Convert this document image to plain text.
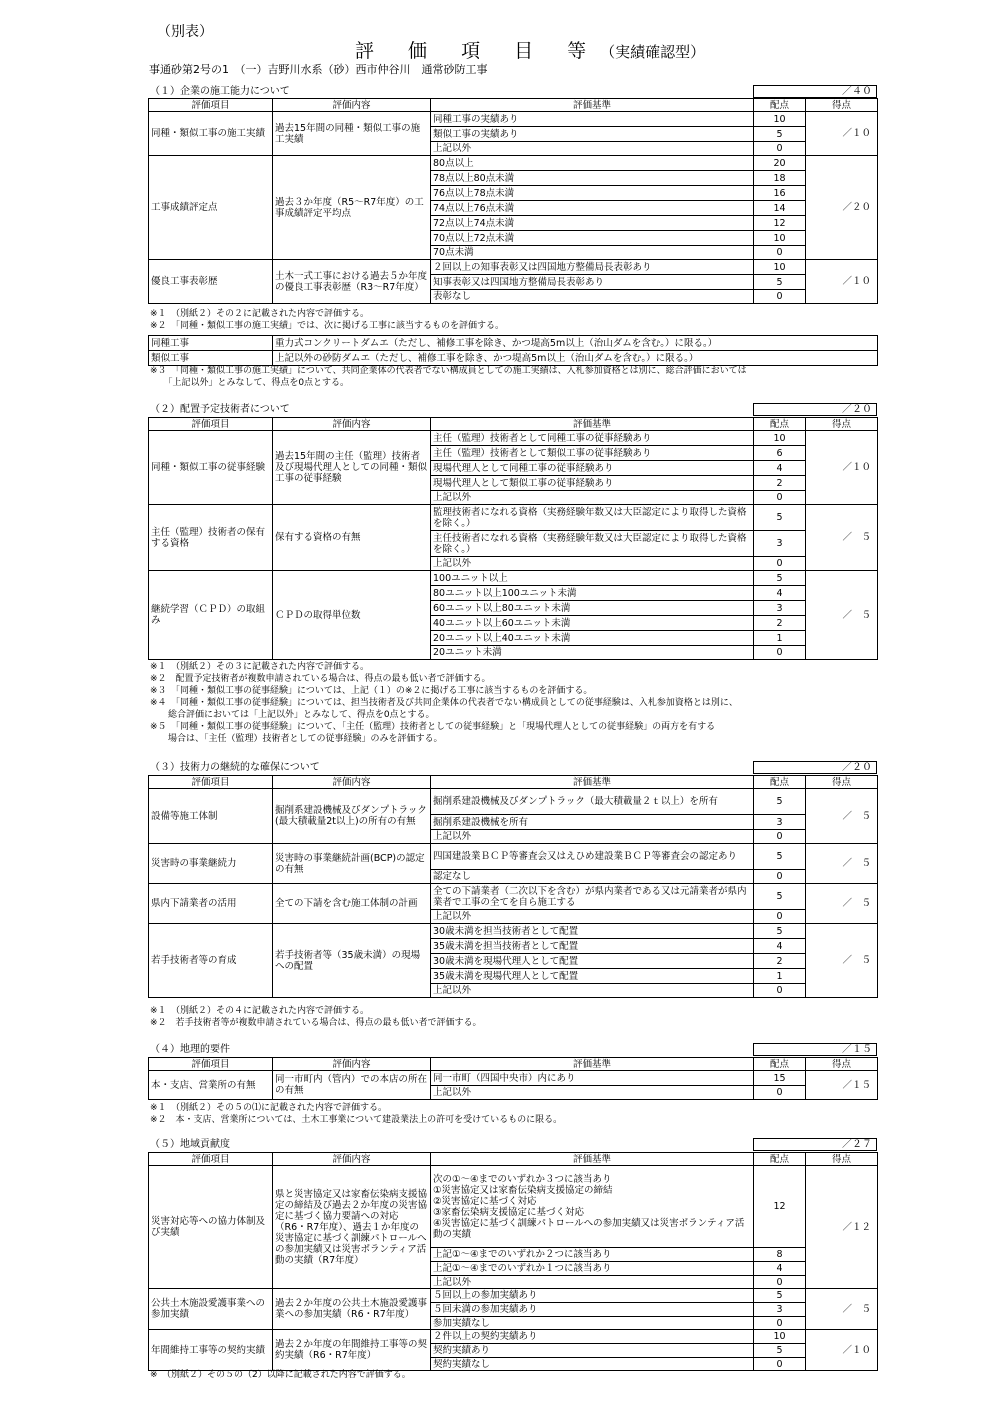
（別表）
評 価 項 目 等（実績確認型）
事通砂第2号の1　（一）吉野川水系（砂）西市仲谷川　通常砂防工事
（１）企業の施工能力について	／４０
評価項目	評価内容	評価基準	配点	得点
同種・類似工事の施工実績	過去15年間の同種・類似工事の施工実績	同種工事の実績あり	10	／１０
		類似工事の実績あり	5	
		上記以外	0	
工事成績評定点	過去３か年度（R5～R7年度）の工事成績評定平均点	80点以上	20	／２０
		78点以上80点未満	18	
		76点以上78点未満	16	
		74点以上76点未満	14	
		72点以上74点未満	12	
		70点以上72点未満	10	
		70点未満	0	
優良工事表彰歴	土木一式工事における過去５か年度の優良工事表彰歴（R3～R7年度）	２回以上の知事表彰又は四国地方整備局長表彰あり	10	／１０
		知事表彰又は四国地方整備局長表彰あり	5	
		表彰なし	0	
※１　（別紙２）その２に記載された内容で評価する。
※２　「同種・類似工事の施工実績」では、次に掲げる工事に該当するものを評価する。
同種工事	重力式コンクリートダムエ（ただし、補修工事を除き、かつ堤高5m以上（治山ダムを含む。）に限る。）
類似工事	上記以外の砂防ダムエ（ただし、補修工事を除き、かつ堤高5m以上（治山ダムを含む。）に限る。）
※３　「同種・類似工事の施工実績」について、共同企業体の代表者でない構成員としての施工実績は、入札参加資格とは別に、総合評価においては
　　「上記以外」とみなして、得点を0点とする。
（２）配置予定技術者について	／２０
評価項目	評価内容	評価基準	配点	得点
同種・類似工事の従事経験	過去15年間の主任（監理）技術者及び現場代理人としての同種・類似工事の従事経験	主任（監理）技術者として同種工事の従事経験あり	10	／１０
		主任（監理）技術者として類似工事の従事経験あり	6	
		現場代理人として同種工事の従事経験あり	4	
		現場代理人として類似工事の従事経験あり	2	
		上記以外	0	
主任（監理）技術者の保有する資格	保有する資格の有無	監理技術者になれる資格（実務経験年数又は大臣認定により取得した資格を除く。）	5	／　５
		主任技術者になれる資格（実務経験年数又は大臣認定により取得した資格を除く。）	3	
		上記以外	0	
継続学習（ＣＰＤ）の取組み	ＣＰＤの取得単位数	100ユニット以上	5	／　５
		80ユニット以上100ユニット未満	4	
		60ユニット以上80ユニット未満	3	
		40ユニット以上60ユニット未満	2	
		20ユニット以上40ユニット未満	1	
		20ユニット未満	0	
※１　（別紙２）その３に記載された内容で評価する。
※２　配置予定技術者が複数申請されている場合は、得点の最も低い者で評価する。
※３　「同種・類似工事の従事経験」については、上記（１）の※２に掲げる工事に該当するものを評価する。
※４　「同種・類似工事の従事経験」については、担当技術者及び共同企業体の代表者でない構成員としての従事経験は、入札参加資格とは別に、
　　総合評価においては「上記以外」とみなして、得点を0点とする。
※５　「同種・類似工事の従事経験」について、「主任（監理）技術者としての従事経験」と「現場代理人としての従事経験」の両方を有する
　　場合は、「主任（監理）技術者としての従事経験」のみを評価する。
（３）技術力の継続的な確保について	／２０
評価項目	評価内容	評価基準	配点	得点
設備等施工体制	掘削系建設機械及びダンプトラック(最大積載量2t以上)の所有の有無	掘削系建設機械及びダンプトラック（最大積載量２ｔ以上）を所有	5	／　５
		掘削系建設機械を所有	3	
		上記以外	0	
災害時の事業継続力	災害時の事業継続計画(BCP)の認定の有無	四国建設業ＢＣＰ等審査会又はえひめ建設業ＢＣＰ等審査会の認定あり	5	／　５
		認定なし	0	
県内下請業者の活用	全ての下請を含む施工体制の計画	全ての下請業者（二次以下を含む）が県内業者である又は元請業者が県内業者で工事の全てを自ら施工する	5	／　５
		上記以外	0	
若手技術者等の育成	若手技術者等（35歳未満）の現場への配置	30歳未満を担当技術者として配置	5	／　５
		35歳未満を担当技術者として配置	4	
		30歳未満を現場代理人として配置	2	
		35歳未満を現場代理人として配置	1	
		上記以外	0	
※１　（別紙２）その４に記載された内容で評価する。
※２　若手技術者等が複数申請されている場合は、得点の最も低い者で評価する。
（４）地理的要件	／１５
評価項目	評価内容	評価基準	配点	得点
本・支店、営業所の有無	同一市町内（管内）での本店の所在の有無	同一市町（四国中央市）内にあり	15	／１５
		上記以外	0	
※１　（別紙２）その５の⑴に記載された内容で評価する。
※２　本・支店、営業所については、土木工事業について建設業法上の許可を受けているものに限る。
（５）地域貢献度	／２７
評価項目	評価内容	評価基準	配点	得点
災害対応等への協力体制及び実績	県と災害協定又は家畜伝染病支援協定の締結及び過去２か年度の災害協定に基づく協力要請への対応（R6・R7年度）、過去１か年度の災害協定に基づく訓練パトロールへの参加実績又は災害ボランティア活動の実績（R7年度）	次の①～④までのいずれか３つに該当あり
①災害協定又は家畜伝染病支援協定の締結
②災害協定に基づく対応
③家畜伝染病支援協定に基づく対応
④災害協定に基づく訓練パトロールへの参加実績又は災害ボランティア活動の実績	12	／１２
		上記①～④までのいずれか２つに該当あり	8	
		上記①～④までのいずれか１つに該当あり	4	
		上記以外	0	
公共土木施設愛護事業への参加実績	過去２か年度の公共土木施設愛護事業への参加実績（R6・R7年度）	５回以上の参加実績あり	5	／　５
		５回未満の参加実績あり	3	
		参加実績なし	0	
年間維持工事等の契約実績	過去２か年度の年間維持工事等の契約実績（R6・R7年度）	２件以上の契約実績あり	10	／１０
		契約実績あり	5	
		契約実績なし	0	
※　（別紙２）その５の（2）以降に記載された内容で評価する。
